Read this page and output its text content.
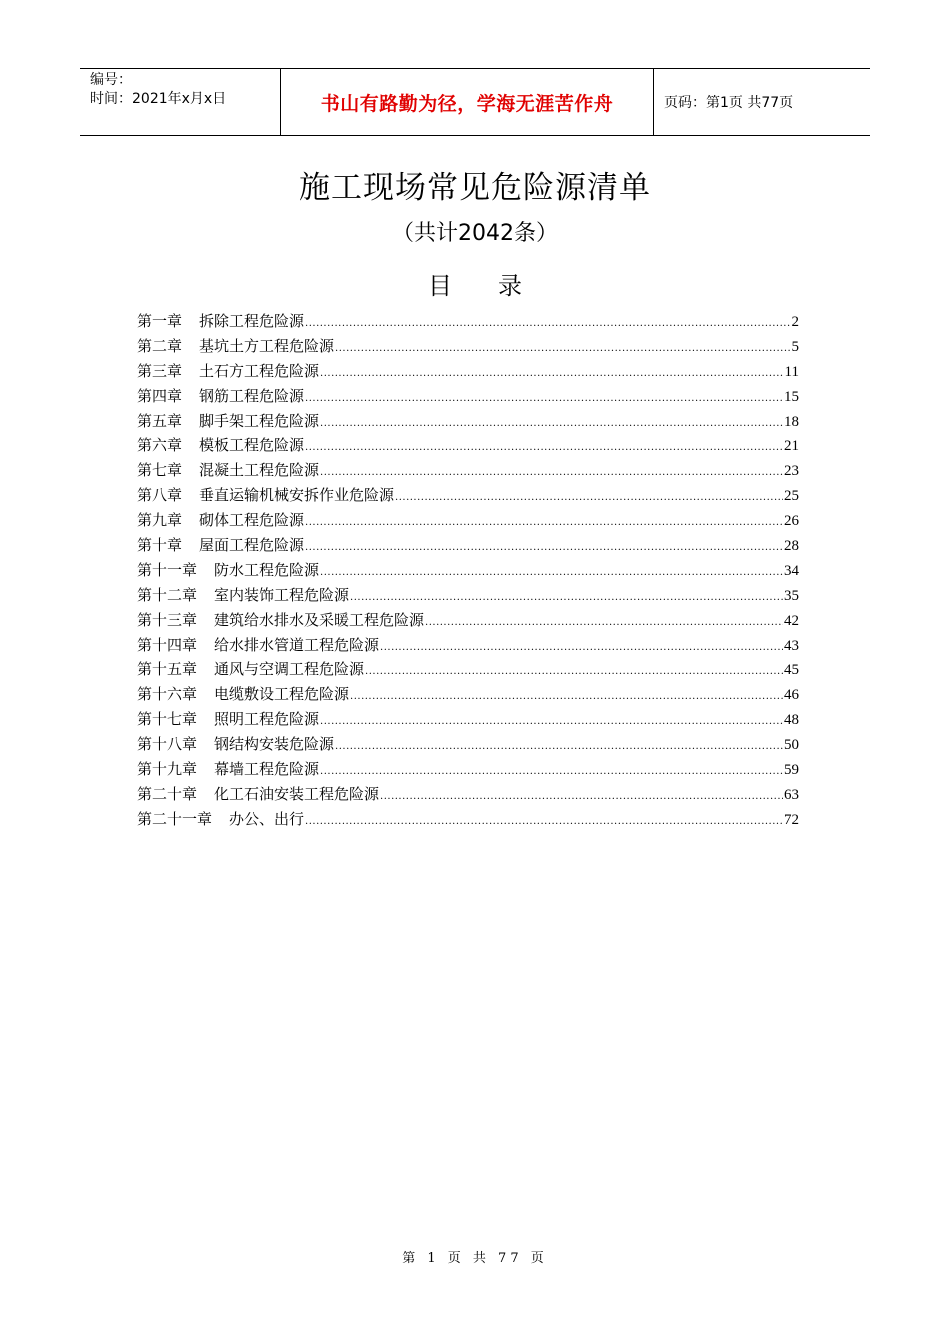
编号：
时间：2021年x月x日	书山有路勤为径，学海无涯苦作舟	页码：第1页 共77页
施工现场常见危险源清单
（共计2042条）
目录
第一章 拆除工程危险源 .....	2
第二章 基坑土方工程危险源 .....	5
第三章 土石方工程危险源 .....	11
第四章 钢筋工程危险源 .....	15
第五章 脚手架工程危险源 .....	18
第六章 模板工程危险源 .....	21
第七章 混凝土工程危险源 .....	23
第八章 垂直运输机械安拆作业危险源 .....	25
第九章 砌体工程危险源 .....	26
第十章 屋面工程危险源 .....	28
第十一章 防水工程危险源 .....	34
第十二章 室内装饰工程危险源 .....	35
第十三章 建筑给水排水及采暖工程危险源 .....	42
第十四章 给水排水管道工程危险源 .....	43
第十五章 通风与空调工程危险源 .....	45
第十六章 电缆敷设工程危险源 .....	46
第十七章 照明工程危险源 .....	48
第十八章 钢结构安装危险源 .....	50
第十九章 幕墙工程危险源 .....	59
第二十章 化工石油安装工程危险源 .....	63
第二十一章 办公、出行 .....	72
第 1 页 共 77 页
